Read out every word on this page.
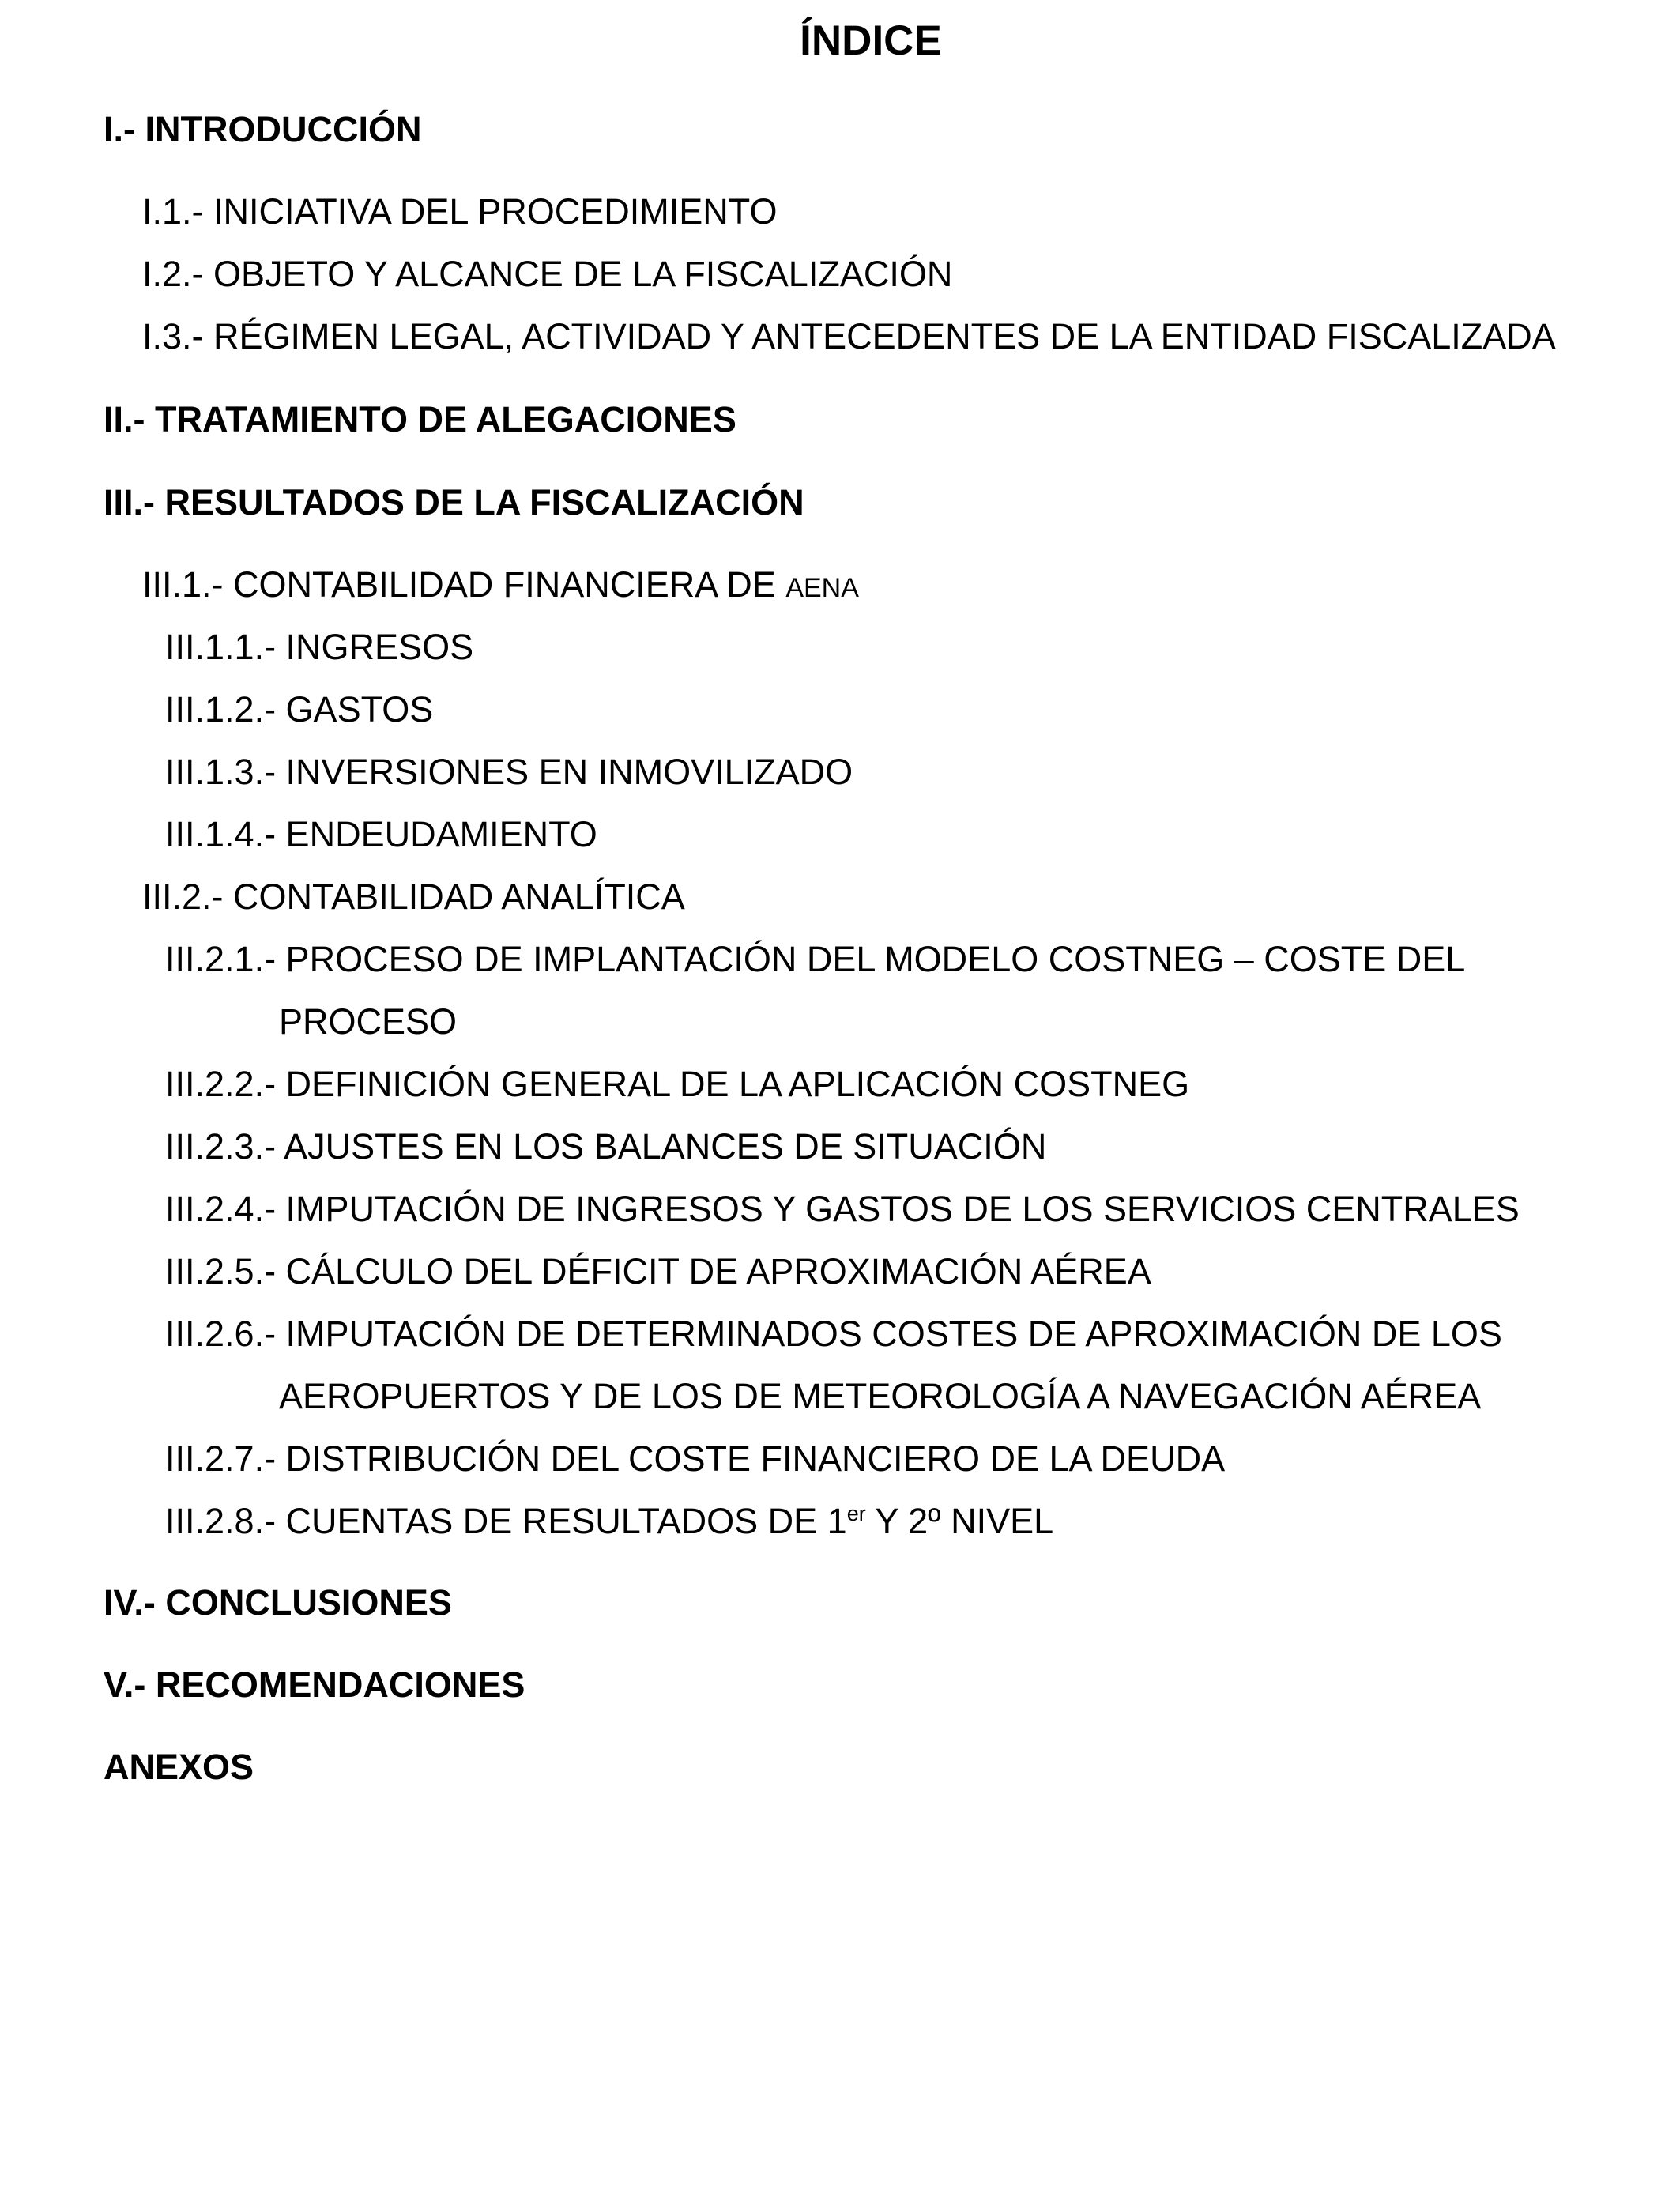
ÍNDICE
I.- INTRODUCCIÓN
I.1.- INICIATIVA DEL PROCEDIMIENTO
I.2.- OBJETO Y ALCANCE DE LA FISCALIZACIÓN
I.3.- RÉGIMEN LEGAL, ACTIVIDAD Y ANTECEDENTES DE LA ENTIDAD FISCALIZADA
II.- TRATAMIENTO DE ALEGACIONES
III.- RESULTADOS DE LA FISCALIZACIÓN
III.1.- CONTABILIDAD FINANCIERA DE AENA
III.1.1.- INGRESOS
III.1.2.- GASTOS
III.1.3.- INVERSIONES EN INMOVILIZADO
III.1.4.- ENDEUDAMIENTO
III.2.- CONTABILIDAD ANALÍTICA
III.2.1.- PROCESO DE IMPLANTACIÓN DEL MODELO COSTNEG – COSTE DEL
PROCESO
III.2.2.- DEFINICIÓN GENERAL DE LA APLICACIÓN COSTNEG
III.2.3.- AJUSTES EN LOS BALANCES DE SITUACIÓN
III.2.4.- IMPUTACIÓN DE INGRESOS Y GASTOS DE LOS SERVICIOS CENTRALES
III.2.5.- CÁLCULO DEL DÉFICIT DE APROXIMACIÓN AÉREA
III.2.6.- IMPUTACIÓN DE DETERMINADOS COSTES DE APROXIMACIÓN DE LOS
AEROPUERTOS Y DE LOS DE METEOROLOGÍA A NAVEGACIÓN AÉREA
III.2.7.- DISTRIBUCIÓN DEL COSTE FINANCIERO DE LA DEUDA
III.2.8.- CUENTAS DE RESULTADOS DE 1er Y 2º NIVEL
IV.- CONCLUSIONES
V.- RECOMENDACIONES
ANEXOS
